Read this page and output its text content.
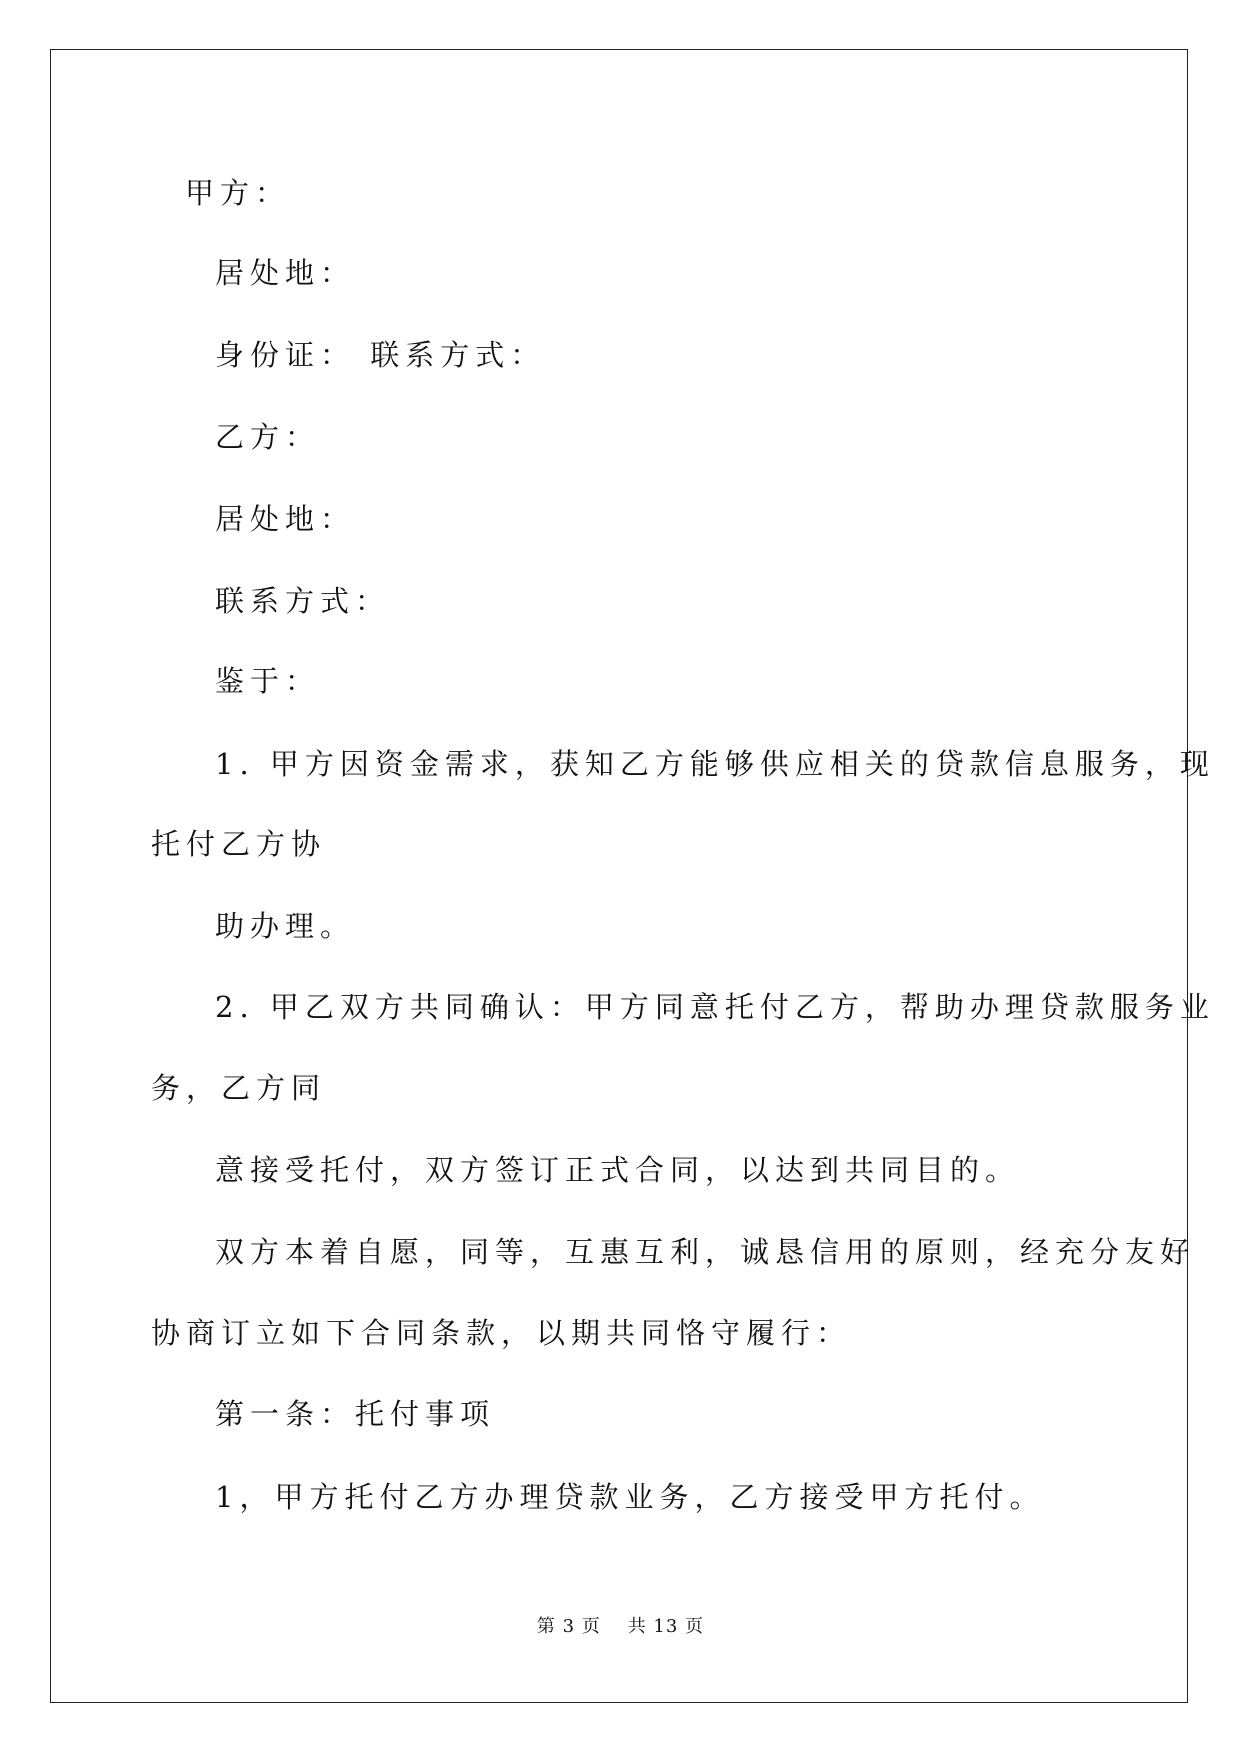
甲方：

居处地：

身份证： 联系方式：

乙方：

居处地：

联系方式：

鉴于：

1. 甲方因资金需求，获知乙方能够供应相关的贷款信息服务，现

托付乙方协

助办理。

2. 甲乙双方共同确认：甲方同意托付乙方，帮助办理贷款服务业

务，乙方同

意接受托付，双方签订正式合同，以达到共同目的。

双方本着自愿，同等，互惠互利，诚恳信用的原则，经充分友好

协商订立如下合同条款，以期共同恪守履行：

第一条：托付事项

1，甲方托付乙方办理贷款业务，乙方接受甲方托付。

第 3 页    共 13 页
